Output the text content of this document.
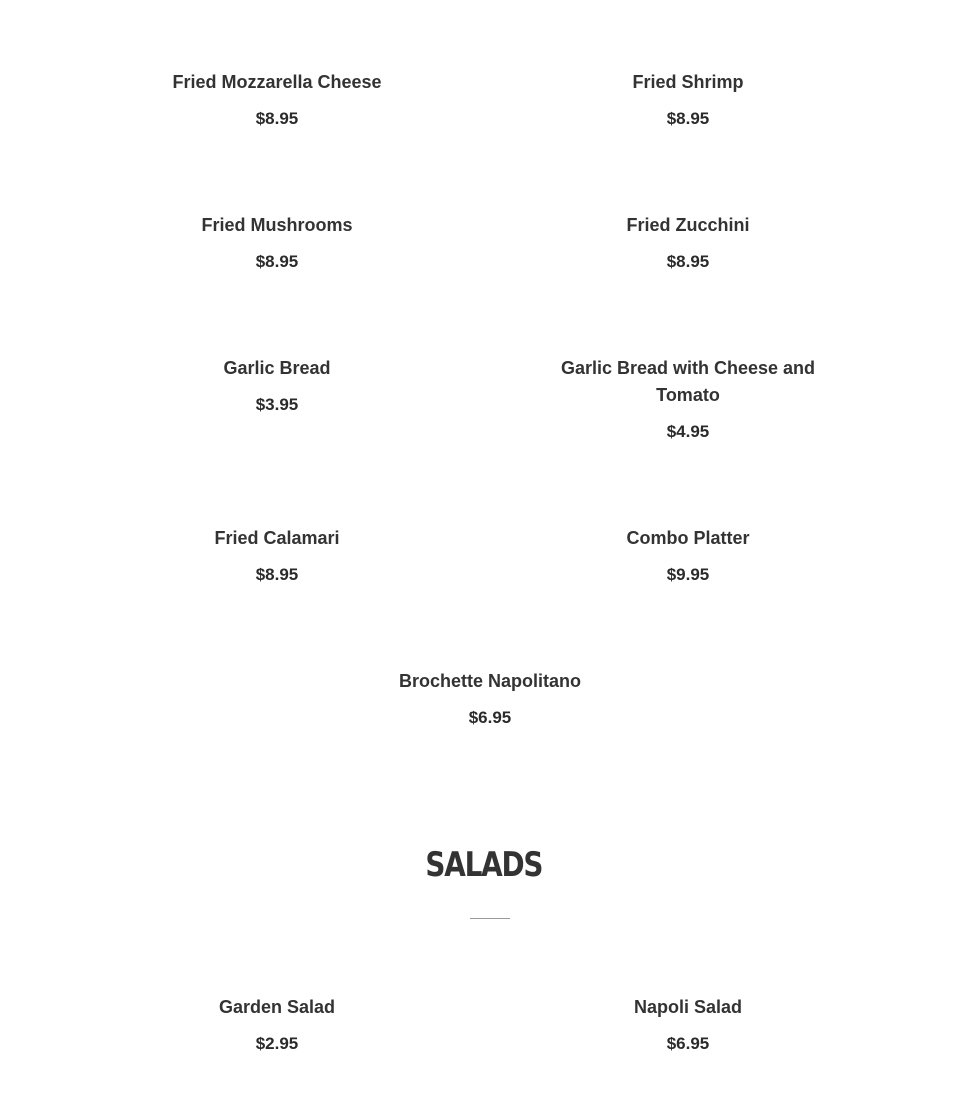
Fried Mozzarella Cheese
$8.95
Fried Shrimp
$8.95
Fried Mushrooms
$8.95
Fried Zucchini
$8.95
Garlic Bread
$3.95
Garlic Bread with Cheese and Tomato
$4.95
Fried Calamari
$8.95
Combo Platter
$9.95
Brochette Napolitano
$6.95
SALADS
Garden Salad
$2.95
Napoli Salad
$6.95
